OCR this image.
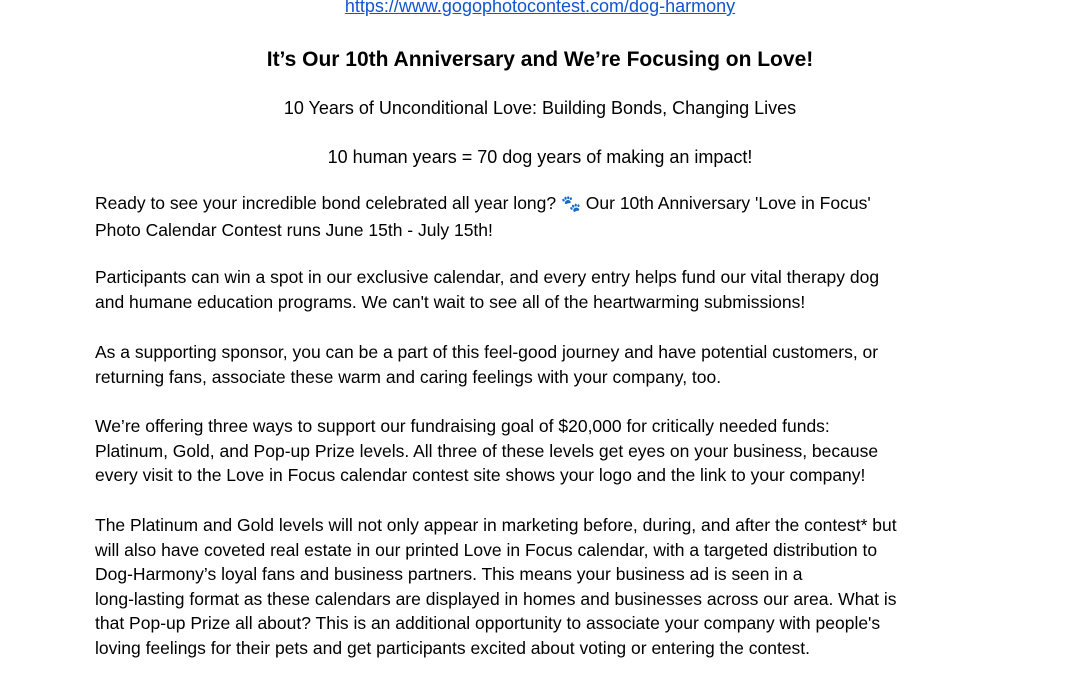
https://www.gogophotocontest.com/dog-harmony
It’s Our 10th Anniversary and We’re Focusing on Love!
10 Years of Unconditional Love: Building Bonds, Changing Lives
10 human years = 70 dog years of making an impact!
Ready to see your incredible bond celebrated all year long? 🐾 Our 10th Anniversary 'Love in Focus'
Photo Calendar Contest runs June 15th - July 15th!
Participants can win a spot in our exclusive calendar, and every entry helps fund our vital therapy dog
and humane education programs. We can't wait to see all of the heartwarming submissions!
As a supporting sponsor, you can be a part of this feel-good journey and have potential customers, or
returning fans, associate these warm and caring feelings with your company, too.
We’re offering three ways to support our fundraising goal of $20,000 for critically needed funds:
Platinum, Gold, and Pop-up Prize levels. All three of these levels get eyes on your business, because
every visit to the Love in Focus calendar contest site shows your logo and the link to your company!
The Platinum and Gold levels will not only appear in marketing before, during, and after the contest* but
will also have coveted real estate in our printed Love in Focus calendar, with a targeted distribution to
Dog-Harmony’s loyal fans and business partners. This means your business ad is seen in a
long-lasting format as these calendars are displayed in homes and businesses across our area. What is
that Pop-up Prize all about? This is an additional opportunity to associate your company with people's
loving feelings for their pets and get participants excited about voting or entering the contest.
